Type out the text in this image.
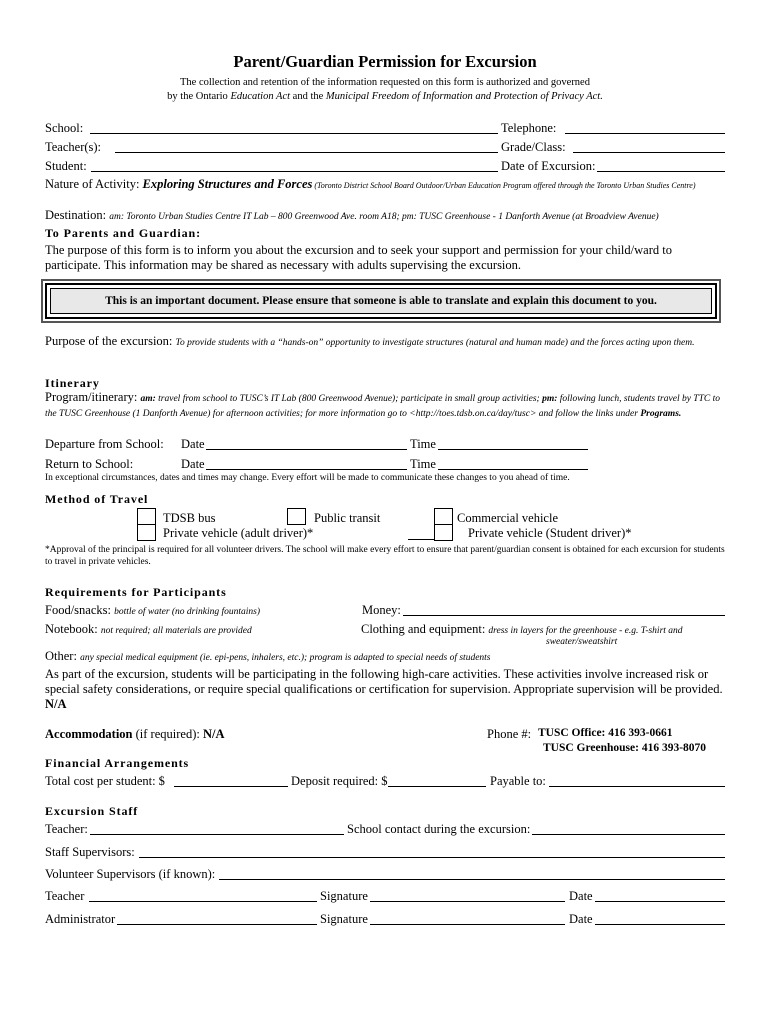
Parent/Guardian Permission for Excursion
The collection and retention of the information requested on this form is authorized and governed
by the Ontario Education Act and the Municipal Freedom of Information and Protection of Privacy Act.
School:	Telephone:
Teacher(s):	Grade/Class:
Student:	Date of Excursion:
Nature of Activity: Exploring Structures and Forces (Toronto District School Board Outdoor/Urban Education Program offered through the Toronto Urban Studies Centre)
Destination: am: Toronto Urban Studies Centre IT Lab – 800 Greenwood Ave. room A18; pm: TUSC Greenhouse - 1 Danforth Avenue (at Broadview Avenue)
To Parents and Guardian:
The purpose of this form is to inform you about the excursion and to seek your support and permission for your child/ward to participate. This information may be shared as necessary with adults supervising the excursion.
This is an important document. Please ensure that someone is able to translate and explain this document to you.
Purpose of the excursion: To provide students with a “hands-on” opportunity to investigate structures (natural and human made) and the forces acting upon them.
Itinerary
Program/itinerary: am: travel from school to TUSC’s IT Lab (800 Greenwood Avenue); participate in small group activities; pm: following lunch, students travel by TTC to the TUSC Greenhouse (1 Danforth Avenue) for afternoon activities; for more information go to <http://toes.tdsb.on.ca/day/tusc> and follow the links under Programs.
Departure from School: Date	Time
Return to School:	Date	Time
In exceptional circumstances, dates and times may change. Every effort will be made to communicate these changes to you ahead of time.
Method of Travel
TDSB bus	Public transit	Commercial vehicle
Private vehicle (adult driver)*	Private vehicle (Student driver)*
*Approval of the principal is required for all volunteer drivers. The school will make every effort to ensure that parent/guardian consent is obtained for each excursion for students to travel in private vehicles.
Requirements for Participants
Food/snacks: bottle of water (no drinking fountains)	Money:
Notebook: not required; all materials are provided	Clothing and equipment: dress in layers for the greenhouse - e.g. T-shirt and
sweater/sweatshirt
Other: any special medical equipment (ie. epi-pens, inhalers, etc.); program is adapted to special needs of students
As part of the excursion, students will be participating in the following high-care activities. These activities involve increased risk or special safety considerations, or require special qualifications or certification for supervision. Appropriate supervision will be provided. N/A
Accommodation (if required): N/A	Phone #: TUSC Office: 416 393-0661
TUSC Greenhouse: 416 393-8070
Financial Arrangements
Total cost per student: $	Deposit required: $	Payable to:
Excursion Staff
Teacher:	School contact during the excursion:
Staff Supervisors:
Volunteer Supervisors (if known):
Teacher	Signature	Date
Administrator	Signature	Date
